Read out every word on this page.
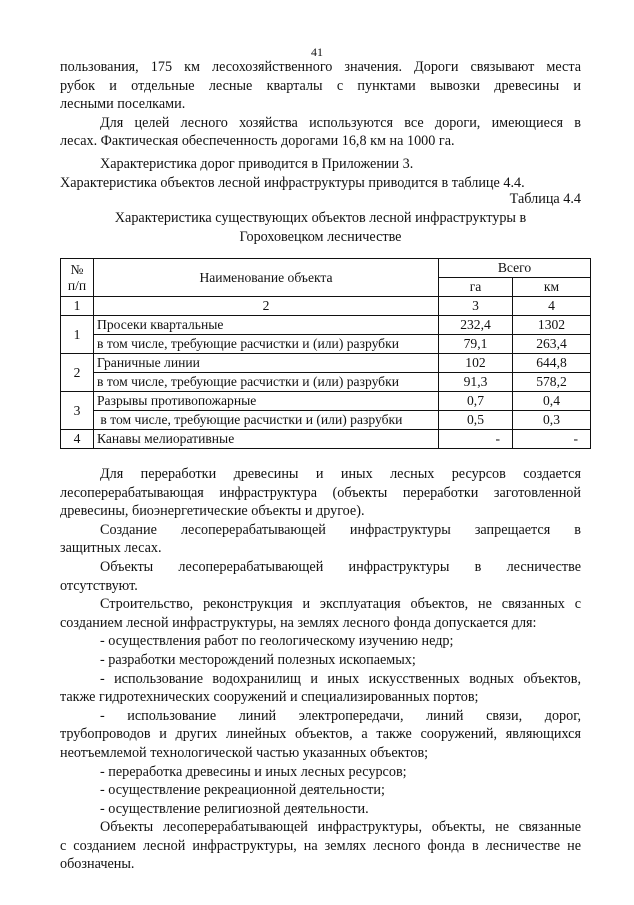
41

пользования, 175 км лесохозяйственного значения. Дороги связывают места

рубок и отдельные лесные кварталы с пунктами вывозки древесины и

лесными поселками.

Для целей лесного хозяйства используются все дороги, имеющиеся в

лесах. Фактическая обеспеченность дорогами 16,8 км на 1000 га.

Характеристика дорог приводится в Приложении 3.

Характеристика объектов лесной инфраструктуры приводится в таблице 4.4.

Таблица 4.4
Характеристика существующих объектов лесной инфраструктуры в
Гороховецком лесничестве
№ п/п	Наименование объекта	Всего	
		га	км
1	2	3	4
1	Просеки квартальные	232,4	1302
	в том числе, требующие расчистки и (или) разрубки	79,1	263,4
2	Граничные линии	102	644,8
	в том числе, требующие расчистки и (или) разрубки	91,3	578,2
3	Разрывы противопожарные	0,7	0,4
	в том числе, требующие расчистки и (или) разрубки	0,5	0,3
4	Канавы мелиоративные	-	-

Для переработки древесины и иных лесных ресурсов создается

лесоперерабатывающая инфраструктура (объекты переработки заготовленной

древесины, биоэнергетические объекты и другое).

Создание лесоперерабатывающей инфраструктуры запрещается в

защитных лесах.

Объекты лесоперерабатывающей инфраструктуры в лесничестве

отсутствуют.

Строительство, реконструкция и эксплуатация объектов, не связанных с

созданием лесной инфраструктуры, на землях лесного фонда допускается для:

- осуществления работ по геологическому изучению недр;

- разработки месторождений полезных ископаемых;

- использование водохранилищ и иных искусственных водных объектов,

также гидротехнических сооружений и специализированных портов;

- использование линий электропередачи, линий связи, дорог,

трубопроводов и других линейных объектов, а также сооружений, являющихся

неотъемлемой технологической частью указанных объектов;

- переработка древесины и иных лесных ресурсов;

- осуществление рекреационной деятельности;

- осуществление религиозной деятельности.

Объекты лесоперерабатывающей инфраструктуры, объекты, не связанные

с созданием лесной инфраструктуры, на землях лесного фонда в лесничестве не

обозначены.
